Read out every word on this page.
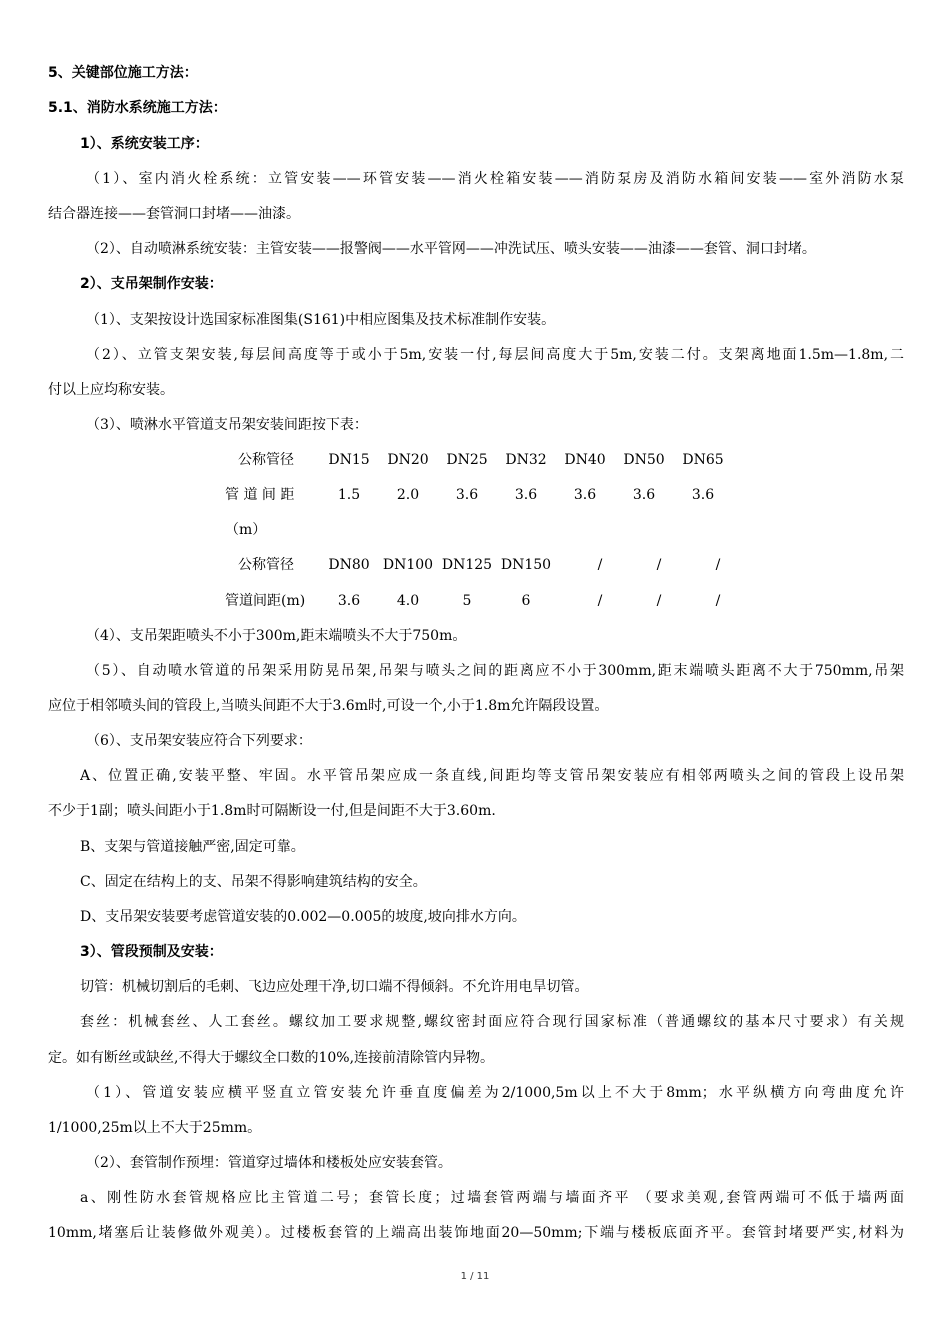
5、关键部位施工方法：
5.1、消防水系统施工方法：
1）、系统安装工序：
（1）、室内消火栓系统：立管安装——环管安装——消火栓箱安装——消防泵房及消防水箱间安装——室外消防水泵
结合器连接——套管洞口封堵——油漆。
（2）、自动喷淋系统安装：主管安装——报警阀——水平管网——冲洗试压、喷头安装——油漆——套管、洞口封堵。
2）、支吊架制作安装：
（1）、支架按设计选国家标准图集(S161)中相应图集及技术标准制作安装。
（2）、立管支架安装,每层间高度等于或小于5m,安装一付,每层间高度大于5m,安装二付。支架离地面1.5m—1.8m,二
付以上应均称安装。
（3）、喷淋水平管道支吊架安装间距按下表：
公称管径	DN15	DN20	DN25	DN32	DN40	DN50	DN65
管 道 间 距	1.5	2.0	3.6	3.6	3.6	3.6	3.6
（m）
公称管径	DN80 DN100 DN125 DN150	/	/	/
管道间距(m)	3.6	4.0	5	6	/	/	/
（4）、支吊架距喷头不小于300m,距末端喷头不大于750m。
（5）、自动喷水管道的吊架采用防晃吊架,吊架与喷头之间的距离应不小于300mm,距末端喷头距离不大于750mm,吊架
应位于相邻喷头间的管段上,当喷头间距不大于3.6m时,可设一个,小于1.8m允许隔段设置。
（6）、支吊架安装应符合下列要求：
A、位置正确,安装平整、牢固。水平管吊架应成一条直线,间距均等支管吊架安装应有相邻两喷头之间的管段上设吊架
不少于1副；喷头间距小于1.8m时可隔断设一付,但是间距不大于3.60m.
B、支架与管道接触严密,固定可靠。
C、固定在结构上的支、吊架不得影响建筑结构的安全。
D、支吊架安装要考虑管道安装的0.002—0.005的坡度,坡向排水方向。
3）、管段预制及安装：
切管：机械切割后的毛刺、飞边应处理干净,切口端不得倾斜。不允许用电旱切管。
套丝：机械套丝、人工套丝。螺纹加工要求规整,螺纹密封面应符合现行国家标准（普通螺纹的基本尺寸要求）有关规
定。如有断丝或缺丝,不得大于螺纹全口数的10%,连接前清除管内异物。
（1）、管道安装应横平竖直立管安装允许垂直度偏差为2/1000,5m以上不大于8mm；水平纵横方向弯曲度允许
1/1000,25m以上不大于25mm。
（2）、套管制作预埋：管道穿过墙体和楼板处应安装套管。
a、刚性防水套管规格应比主管道二号；套管长度；过墙套管两端与墙面齐平 （要求美观,套管两端可不低于墙两面
10mm,堵塞后让装修做外观美）。过楼板套管的上端高出装饰地面20—50mm;下端与楼板底面齐平。套管封堵要严实,材料为
1 / 11
